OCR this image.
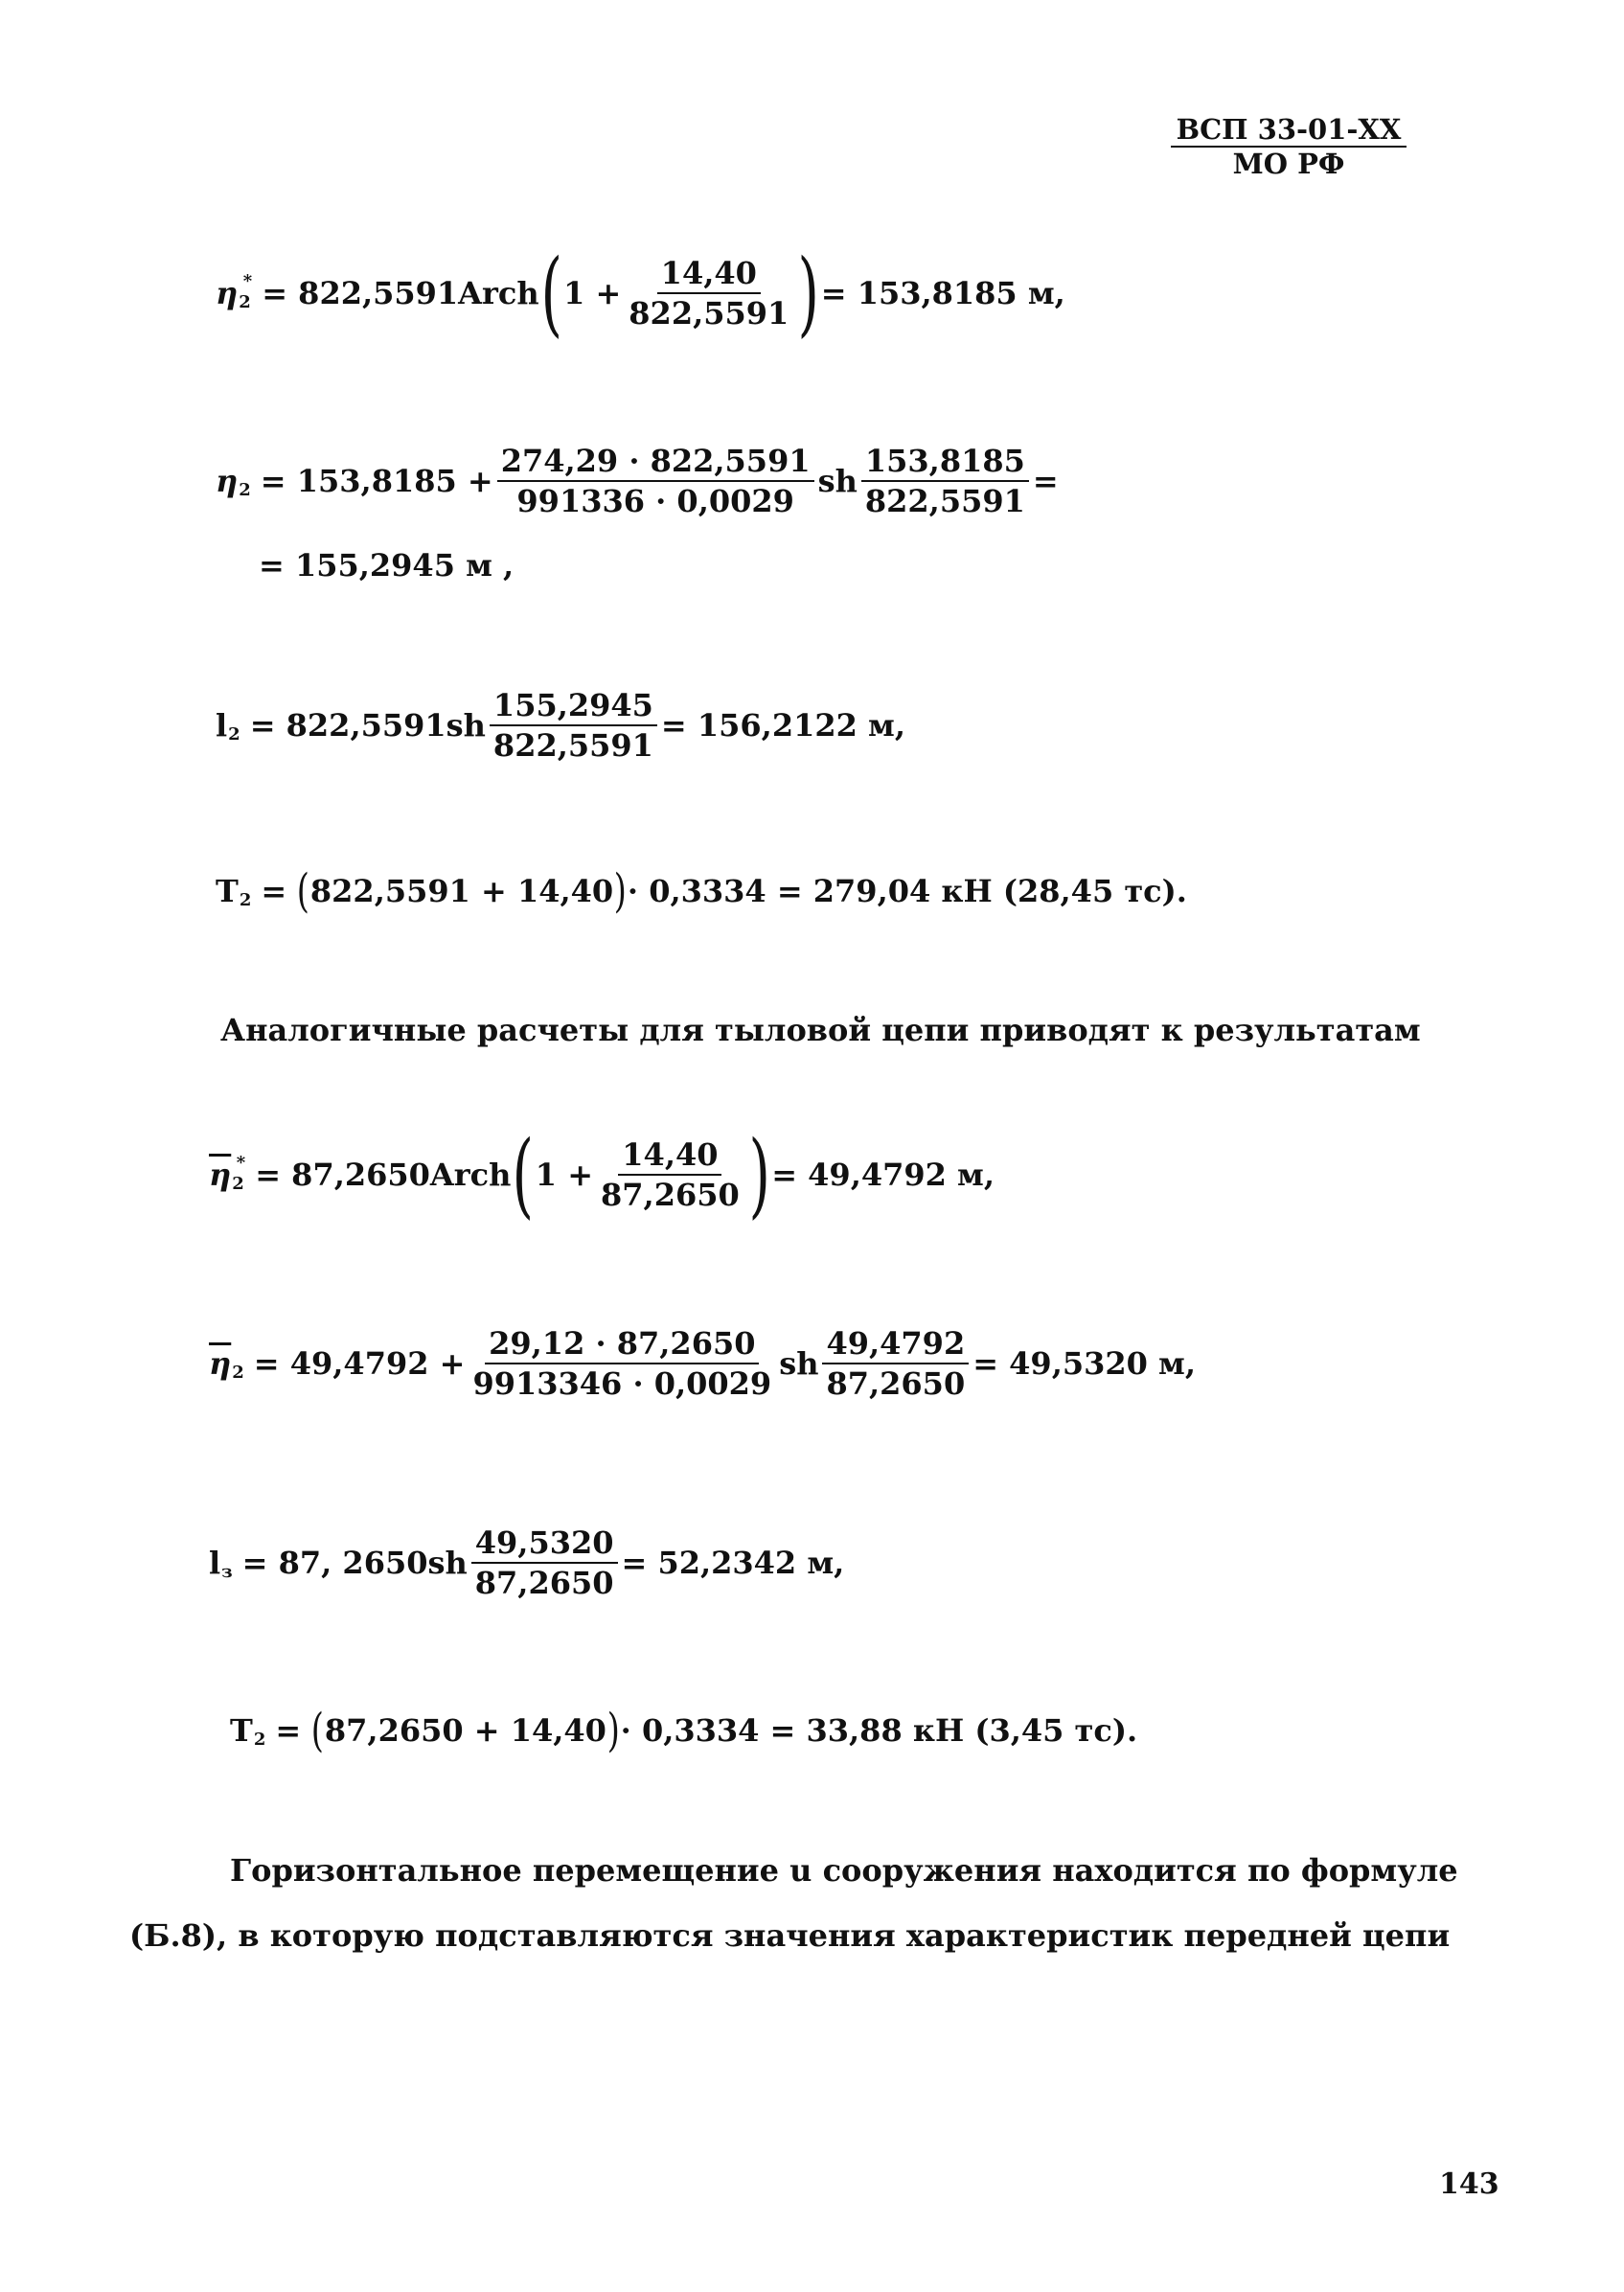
ВСП 33-01-XX
МО РФ
η 2
* = 822,5591Arch ( $1 + \frac{14,40}{822,5591}$ ) = 153,8185 м,
η $2 = 153,8185 + \frac{274,29 \cdot 822,5591}{991336 \cdot 0,0029}$ sh $\frac{153,8185}{822,5591}$ =
= 155,2945 м ,
l $2 = 822,5591sh \frac{155,2945}{822,5591} = 156,2122$ м,
T 2 = ( 822,5591 + 14,40 ) · 0,3334 = 279,04 кН (28,45 тс).
Аналогичные расчеты для тыловой цепи приводят к результатам
$\overline{\eta}$ 2
* = 87,2650Arch ( $1 + \frac{14,40}{87,2650}$ ) = 49,4792 м,
$\overline{\eta}$ $2 = 49,4792 + \frac{29,12 \cdot 87,2650}{9913346 \cdot 0,0029}$ sh $\frac{49,4792}{87,2650} = 49,5320$ м,
l з = 87, $2650sh \frac{49,5320}{87,2650} = 52,2342$ м,
T 2 = ( 87,2650 + 14,40 ) · 0,3334 = 33,88 кН (3,45 тс).
Горизонтальное перемещение u сооружения находится по формуле
(Б.8), в которую подставляются значения характеристик передней цепи
143
